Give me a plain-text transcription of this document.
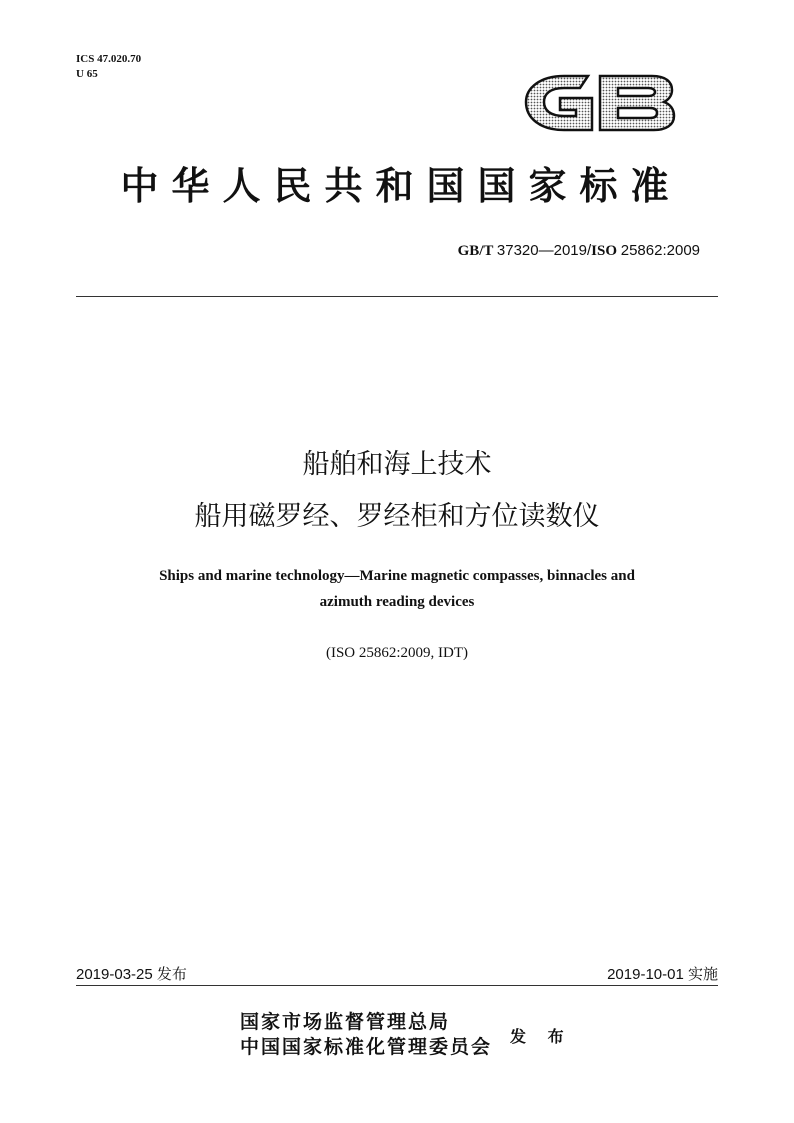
ICS 47.020.70
U 65
中华人民共和国国家标准
GB/T 37320—2019/ISO 25862:2009
船舶和海上技术
船用磁罗经、罗经柜和方位读数仪
Ships and marine technology—Marine magnetic compasses, binnacles and
azimuth reading devices
(ISO 25862:2009, IDT)
2019-03-25 发布	2019-10-01 实施
国家市场监督管理总局
中国国家标准化管理委员会 发 布
